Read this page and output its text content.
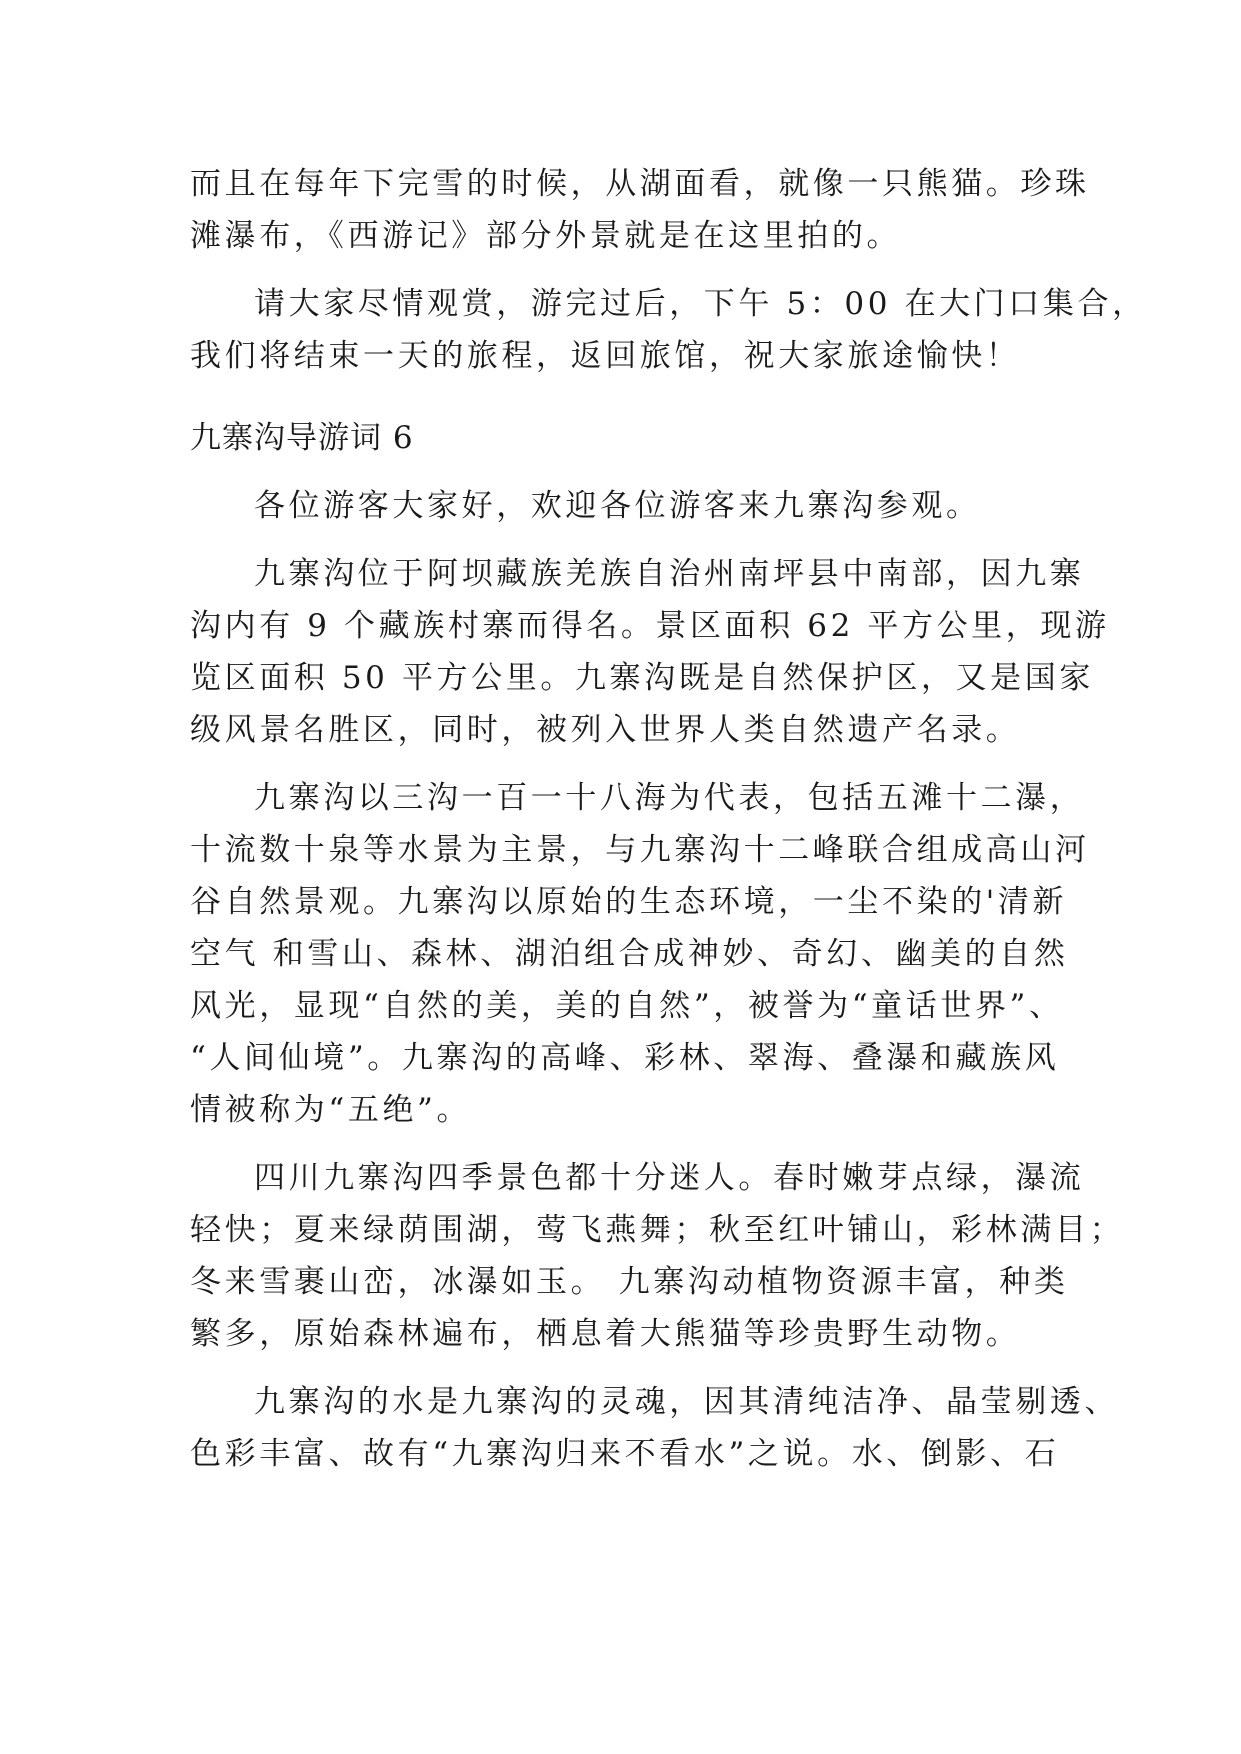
而且在每年下完雪的时候，从湖面看，就像一只熊猫。珍珠
滩瀑布，《西游记》部分外景就是在这里拍的。
请大家尽情观赏，游完过后，下午 5：00 在大门口集合，
我们将结束一天的旅程，返回旅馆，祝大家旅途愉快！
九寨沟导游词 6
各位游客大家好，欢迎各位游客来九寨沟参观。
九寨沟位于阿坝藏族羌族自治州南坪县中南部，因九寨
沟内有 9 个藏族村寨而得名。景区面积 62 平方公里，现游
览区面积 50 平方公里。九寨沟既是自然保护区，又是国家
级风景名胜区，同时，被列入世界人类自然遗产名录。
九寨沟以三沟一百一十八海为代表，包括五滩十二瀑，
十流数十泉等水景为主景，与九寨沟十二峰联合组成高山河
谷自然景观。九寨沟以原始的生态环境，一尘不染的'清新
空气 和雪山、森林、湖泊组合成神妙、奇幻、幽美的自然
风光，显现“自然的美，美的自然”，被誉为“童话世界”、
“人间仙境”。九寨沟的高峰、彩林、翠海、叠瀑和藏族风
情被称为“五绝”。
四川九寨沟四季景色都十分迷人。春时嫩芽点绿，瀑流
轻快；夏来绿荫围湖，莺飞燕舞；秋至红叶铺山，彩林满目；
冬来雪裹山峦，冰瀑如玉。 九寨沟动植物资源丰富，种类
繁多，原始森林遍布，栖息着大熊猫等珍贵野生动物。
九寨沟的水是九寨沟的灵魂，因其清纯洁净、晶莹剔透、
色彩丰富、故有“九寨沟归来不看水”之说。水、倒影、石
